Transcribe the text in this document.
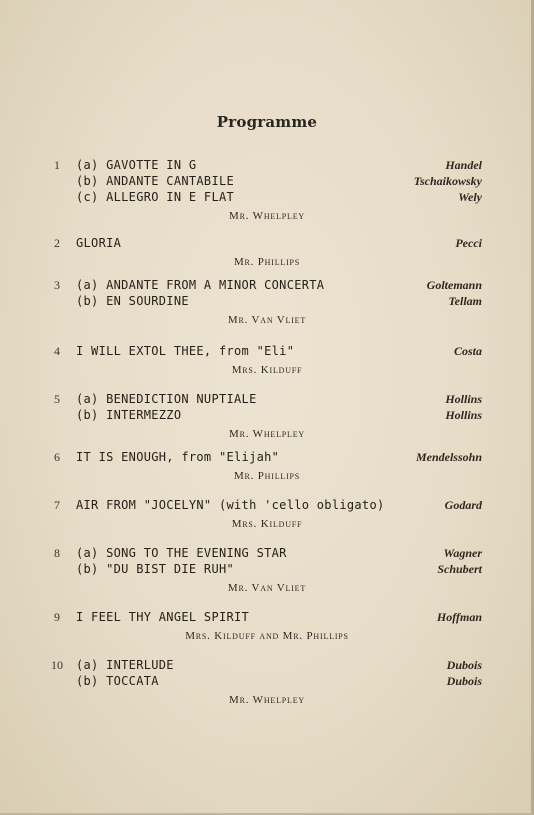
Programme
1	(a) GAVOTTE IN G	Handel
(b) ANDANTE CANTABILE	Tschaikowsky
(c) ALLEGRO IN E FLAT	Wely
Mr. Whelpley
2	GLORIA	Pecci
Mr. Phillips
3	(a) ANDANTE FROM A MINOR CONCERTA	Goltemann
(b) EN SOURDINE	Tellam
Mr. Van Vliet
4	I WILL EXTOL THEE, from "Eli"	Costa
Mrs. Kilduff
5	(a) BENEDICTION NUPTIALE	Hollins
(b) INTERMEZZO	Hollins
Mr. Whelpley
6	IT IS ENOUGH, from "Elijah"	Mendelssohn
Mr. Phillips
7	AIR FROM "JOCELYN" (with 'cello obligato)	Godard
Mrs. Kilduff
8	(a) SONG TO THE EVENING STAR	Wagner
(b) "DU BIST DIE RUH"	Schubert
Mr. Van Vliet
9	I FEEL THY ANGEL SPIRIT	Hoffman
Mrs. Kilduff and Mr. Phillips
10	(a) INTERLUDE	Dubois
(b) TOCCATA	Dubois
Mr. Whelpley
